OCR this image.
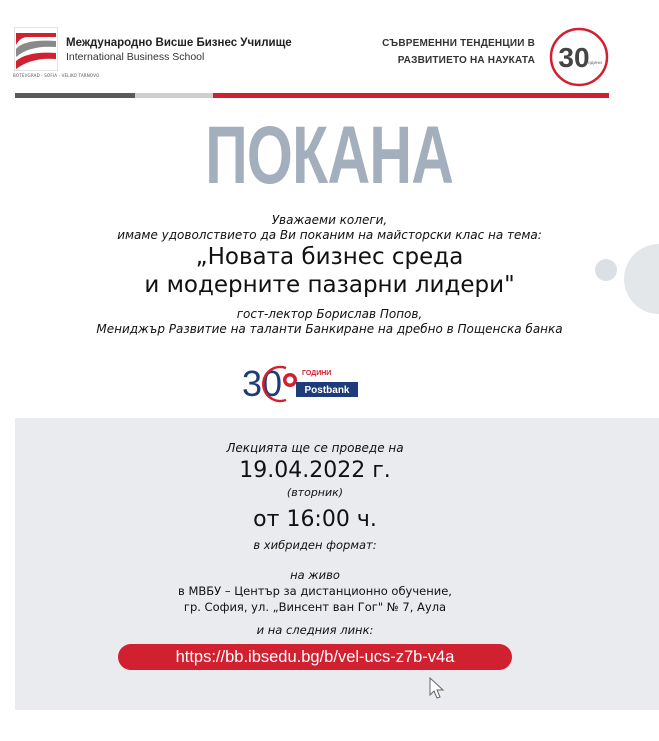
BOTEVGRAD · SOFIA · VELIKO TARNOVO
Международно Висше Бизнес Училище
International Business School
СЪВРЕМЕННИ ТЕНДЕНЦИИ В
РАЗВИТИЕТО НА НАУКАТА 30
ГОДИНИ
ПОКАНА
Уважаеми колеги,
имаме удоволствието да Ви поканим на майсторски клас на тема:
„Новата бизнес среда
и модерните пазарни лидери"
гост-лектор Борислав Попов,
Мениджър Развитие на таланти Банкиране на дребно в Пощенска банка
30	ГОДИНИ
Postbank
Лекцията ще се проведе на
19.04.2022 г.
(вторник)
от 16:00 ч.
в хибриден формат:
на живо
в МВБУ – Център за дистанционно обучение,
гр. София, ул. „Винсент ван Гог" № 7, Аула
и на следния линк:
https://bb.ibsedu.bg/b/vel-ucs-z7b-v4a
